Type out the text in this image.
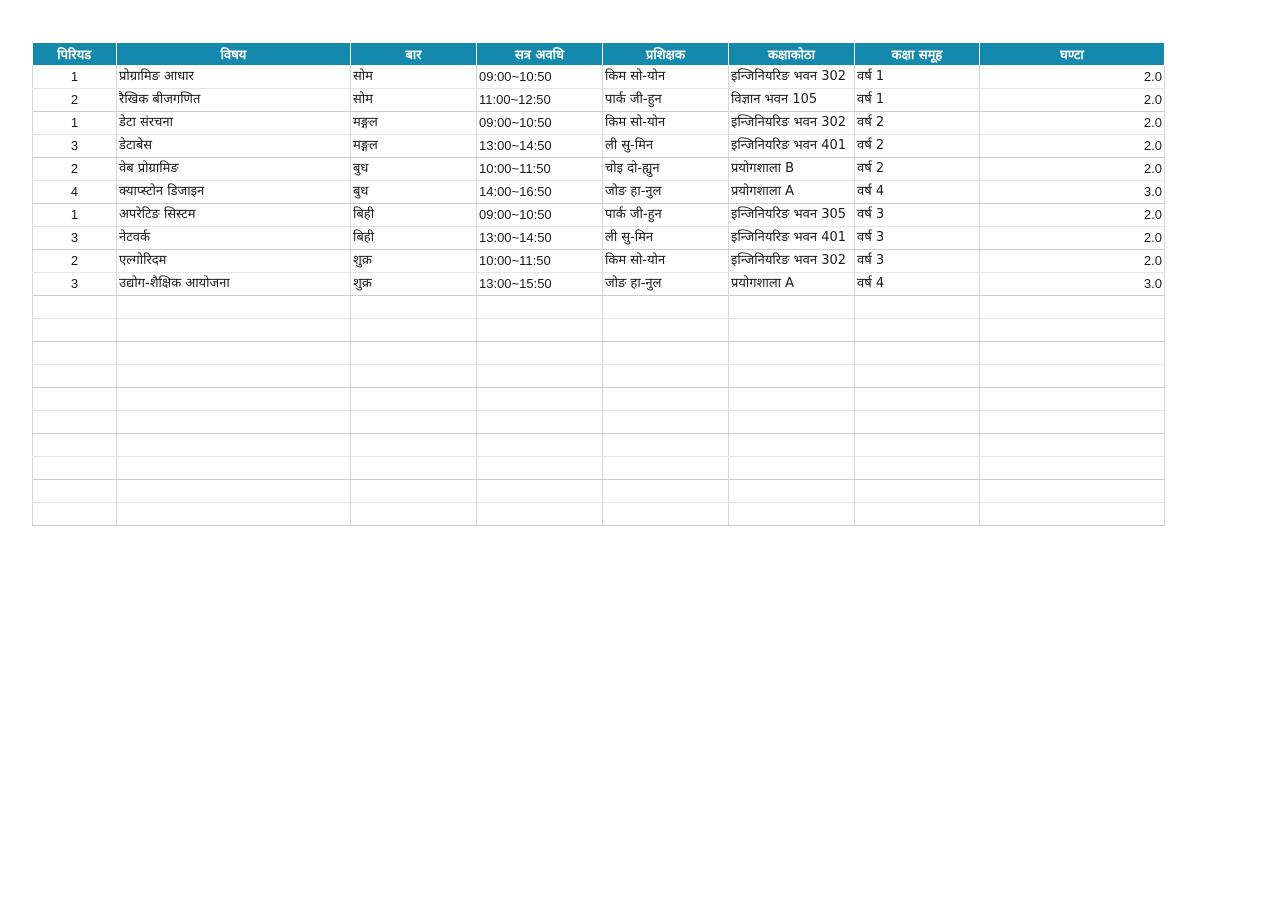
पिरियड	विषय	बार	सत्र अवधि	प्रशिक्षक	कक्षाकोठा	कक्षा समूह	घण्टा
1	प्रोग्रामिङ आधार	सोम	09:00~10:50	किम सो-योन	इन्जिनियरिङ भवन 302	वर्ष 1	2.0
2	रैखिक बीजगणित	सोम	11:00~12:50	पार्क जी-हुन	विज्ञान भवन 105	वर्ष 1	2.0
1	डेटा संरचना	मङ्गल	09:00~10:50	किम सो-योन	इन्जिनियरिङ भवन 302	वर्ष 2	2.0
3	डेटाबेस	मङ्गल	13:00~14:50	ली सु-मिन	इन्जिनियरिङ भवन 401	वर्ष 2	2.0
2	वेब प्रोग्रामिङ	बुध	10:00~11:50	चोइ दो-ह्युन	प्रयोगशाला B	वर्ष 2	2.0
4	क्याप्स्टोन डिजाइन	बुध	14:00~16:50	जोङ हा-नुल	प्रयोगशाला A	वर्ष 4	3.0
1	अपरेटिङ सिस्टम	बिही	09:00~10:50	पार्क जी-हुन	इन्जिनियरिङ भवन 305	वर्ष 3	2.0
3	नेटवर्क	बिही	13:00~14:50	ली सु-मिन	इन्जिनियरिङ भवन 401	वर्ष 3	2.0
2	एल्गोरिदम	शुक्र	10:00~11:50	किम सो-योन	इन्जिनियरिङ भवन 302	वर्ष 3	2.0
3	उद्योग-शैक्षिक आयोजना	शुक्र	13:00~15:50	जोङ हा-नुल	प्रयोगशाला A	वर्ष 4	3.0
